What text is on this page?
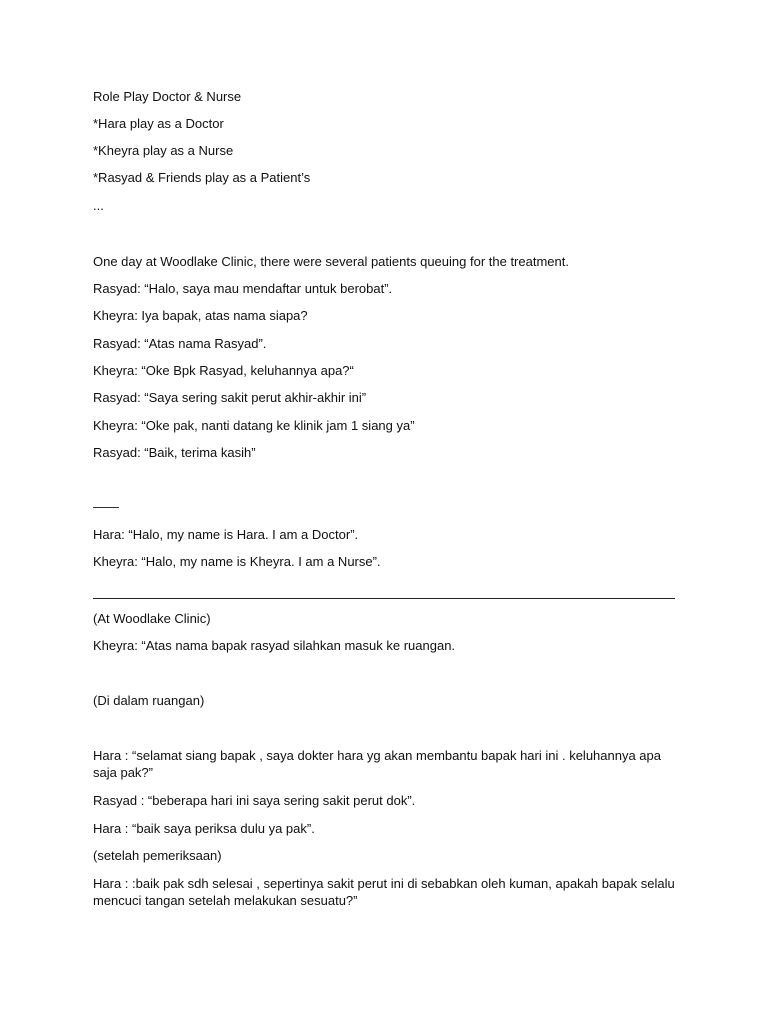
Role Play Doctor & Nurse
*Hara play as a Doctor
*Kheyra play as a Nurse
*Rasyad & Friends play as a Patient’s
...
One day at Woodlake Clinic, there were several patients queuing for the treatment.
Rasyad: “Halo, saya mau mendaftar untuk berobat”.
Kheyra: Iya bapak, atas nama siapa?
Rasyad: “Atas nama Rasyad”.
Kheyra: “Oke Bpk Rasyad, keluhannya apa?“
Rasyad: “Saya sering sakit perut akhir-akhir ini”
Kheyra: “Oke pak, nanti datang ke klinik jam 1 siang ya”
Rasyad: “Baik, terima kasih”
——
Hara: “Halo, my name is Hara. I am a Doctor”.
Kheyra: “Halo, my name is Kheyra. I am a Nurse”.
(At Woodlake Clinic)
Kheyra: “Atas nama bapak rasyad silahkan masuk ke ruangan.
(Di dalam ruangan)
Hara : “selamat siang bapak , saya dokter hara yg akan membantu bapak hari ini . keluhannya apa saja pak?”
Rasyad : “beberapa hari ini saya sering sakit perut dok”.
Hara : “baik saya periksa dulu ya pak”.
(setelah pemeriksaan)
Hara : :baik pak sdh selesai , sepertinya sakit perut ini di sebabkan oleh kuman, apakah bapak selalu mencuci tangan setelah melakukan sesuatu?”
